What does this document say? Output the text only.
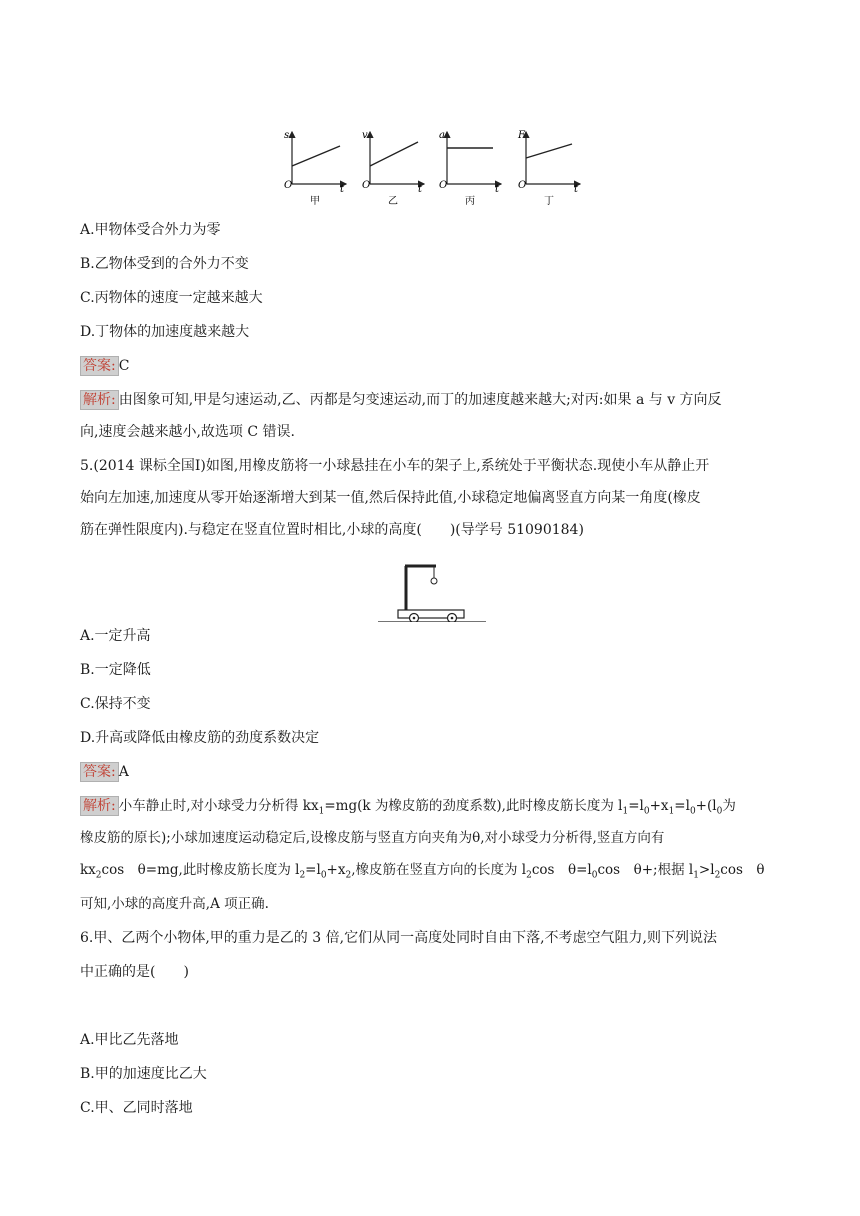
s
O	t
甲
v
O	t
乙
a
O	t
丙
F
O	t
丁
A.甲物体受合外力为零
B.乙物体受到的合外力不变
C.丙物体的速度一定越来越大
D.丁物体的加速度越来越大
答案: C
解析: 由图象可知,甲是匀速运动,乙、丙都是匀变速运动,而丁的加速度越来越大;对丙:如果 a 与 v 方向反
向,速度会越来越小,故选项 C 错误.
5.(2014 课标全国Ⅰ)如图,用橡皮筋将一小球悬挂在小车的架子上,系统处于平衡状态.现使小车从静止开
始向左加速,加速度从零开始逐渐增大到某一值,然后保持此值,小球稳定地偏离竖直方向某一角度(橡皮
筋在弹性限度内).与稳定在竖直位置时相比,小球的高度(　　)(导学号 51090184)
A.一定升高
B.一定降低
C.保持不变
D.升高或降低由橡皮筋的劲度系数决定
答案: A
解析: 小车静止时,对小球受力分析得 $kx_1=mg(k$ 为橡皮筋的劲度系数),此时橡皮筋长度为 $l_1=l_0+x_1=l_0+(l_0$为
橡皮筋的原长);小球加速度运动稳定后,设橡皮筋与竖直方向夹角为θ,对小球受力分析得,竖直方向有
$kx_2\cos$　θ=mg,此时橡皮筋长度为 $l_2=l_0+x_2$,橡皮筋在竖直方向的长度为 $l_2\cos$　$\theta=l_0\cos$　θ+;根据 $l_1>l_2\cos$　θ
可知,小球的高度升高,A 项正确.
6.甲、乙两个小物体,甲的重力是乙的 3 倍,它们从同一高度处同时自由下落,不考虑空气阻力,则下列说法
中正确的是(　　)
A.甲比乙先落地
B.甲的加速度比乙大
C.甲、乙同时落地
